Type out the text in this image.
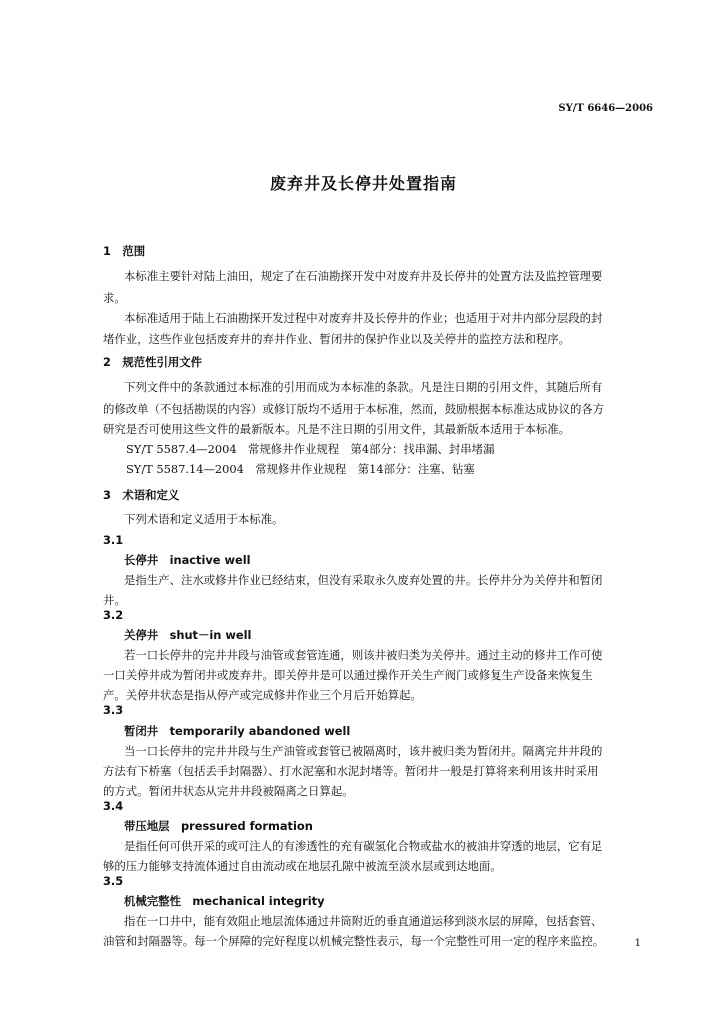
SY/T 6646—2006
废弃井及长停井处置指南
1　范围
本标准主要针对陆上油田，规定了在石油勘探开发中对废弃井及长停井的处置方法及监控管理要
求。
本标准适用于陆上石油勘探开发过程中对废弃井及长停井的作业；也适用于对井内部分层段的封
堵作业，这些作业包括废弃井的弃井作业、暂闭井的保护作业以及关停井的监控方法和程序。
2　规范性引用文件
下列文件中的条款通过本标准的引用而成为本标准的条款。凡是注日期的引用文件，其随后所有
的修改单（不包括勘误的内容）或修订版均不适用于本标准，然而，鼓励根据本标准达成协议的各方
研究是否可使用这些文件的最新版本。凡是不注日期的引用文件，其最新版本适用于本标准。
SY/T 5587.4—2004　常规修井作业规程　第4部分：找串漏、封串堵漏
SY/T 5587.14—2004　常规修井作业规程　第14部分：注塞、钻塞
3　术语和定义
下列术语和定义适用于本标准。
3.1
长停井　inactive well
是指生产、注水或修井作业已经结束，但没有采取永久废弃处置的井。长停井分为关停井和暂闭
井。
3.2
关停井　shut－in well
若一口长停井的完井井段与油管或套管连通，则该井被归类为关停井。通过主动的修井工作可使
一口关停井成为暂闭井或废弃井。即关停井是可以通过操作开关生产阀门或修复生产设备来恢复生
产。关停井状态是指从停产或完成修井作业三个月后开始算起。
3.3
暂闭井　temporarily abandoned well
当一口长停井的完井井段与生产油管或套管已被隔离时，该井被归类为暂闭井。隔离完井井段的
方法有下桥塞（包括丢手封隔器）、打水泥塞和水泥封堵等。暂闭井一般是打算将来利用该井时采用
的方式。暂闭井状态从完井井段被隔离之日算起。
3.4
带压地层　pressured formation
是指任何可供开采的或可注人的有渗透性的充有碳氢化合物或盐水的被油井穿透的地层，它有足
够的压力能够支持流体通过自由流动或在地层孔隙中被流至淡水层或到达地面。
3.5
机械完整性　mechanical integrity
指在一口井中，能有效阻止地层流体通过井筒附近的垂直通道运移到淡水层的屏障，包括套管、
油管和封隔器等。每一个屏障的完好程度以机械完整性表示，每一个完整性可用一定的程序来监控。	1
